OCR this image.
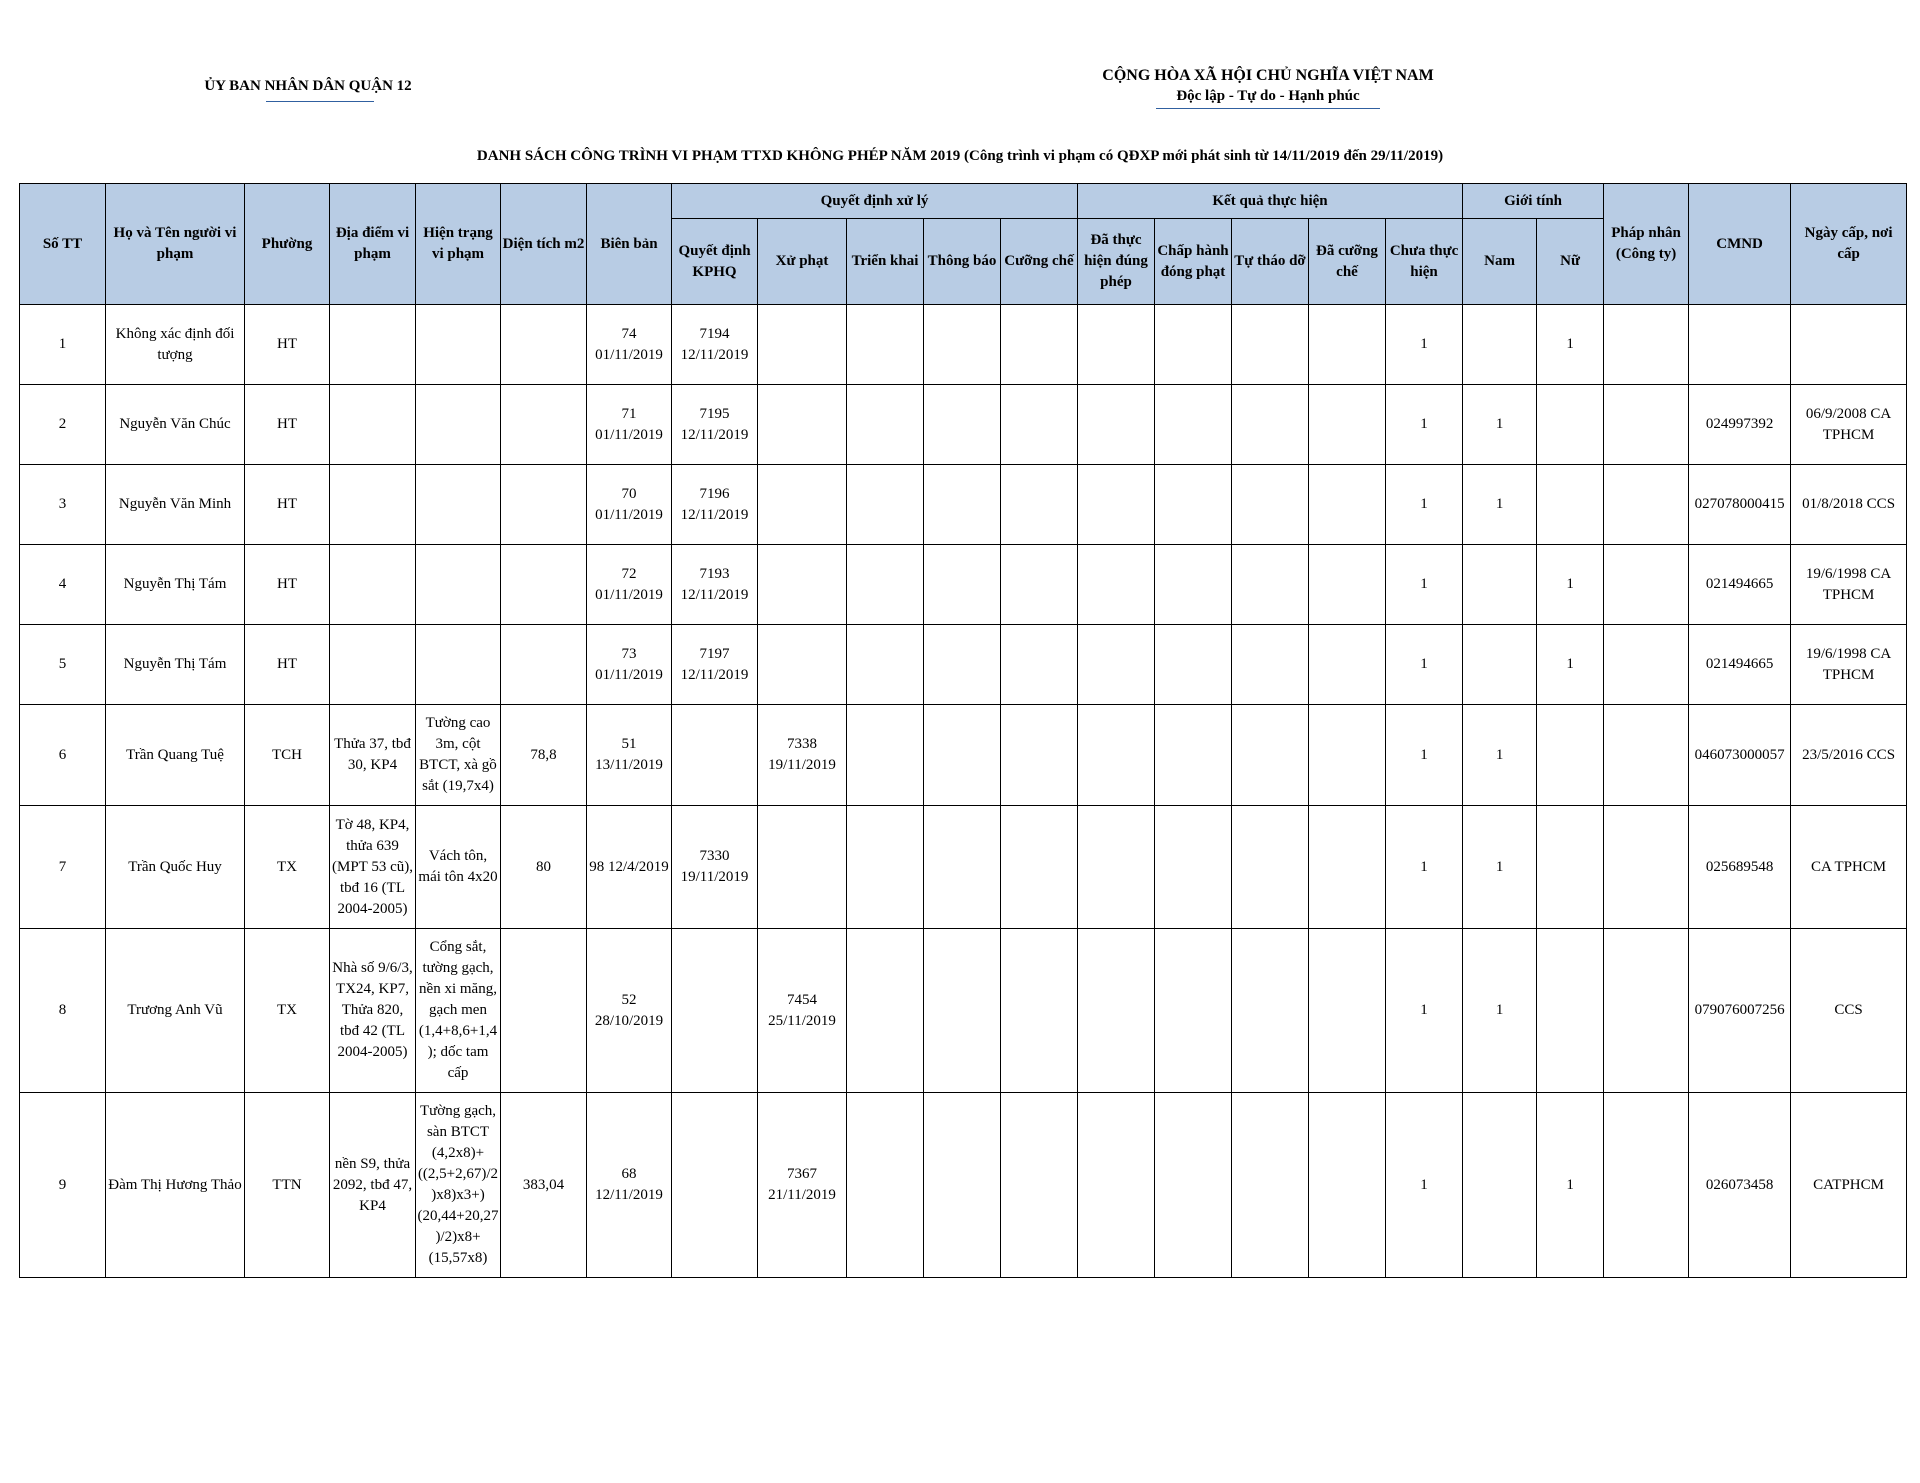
ỦY BAN NHÂN DÂN QUẬN 12
CỘNG HÒA XÃ HỘI CHỦ NGHĨA VIỆT NAM
Độc lập - Tự do - Hạnh phúc
DANH SÁCH CÔNG TRÌNH VI PHẠM TTXD KHÔNG PHÉP NĂM 2019 (Công trình vi phạm có QĐXP mới phát sinh từ 14/11/2019 đến 29/11/2019)
Số TT	Họ và Tên người vi phạm	Phường	Địa điểm vi phạm	Hiện trạng vi phạm	Diện tích m2	Biên bản	Quyết định xử lý					Kết quả thực hiện					Giới tính		Pháp nhân (Công ty)	CMND	Ngày cấp, nơi cấp
							Quyết định KPHQ	Xử phạt	Triển khai	Thông báo	Cưỡng chế	Đã thực hiện đúng phép	Chấp hành đóng phạt	Tự tháo dỡ	Đã cưỡng chế	Chưa thực hiện	Nam	Nữ			
1	Không xác định đối tượng	HT				74 01/11/2019	7194 12/11/2019									1		1			
2	Nguyễn Văn Chúc	HT				71 01/11/2019	7195 12/11/2019									1	1			024997392	06/9/2008 CA TPHCM
3	Nguyễn Văn Minh	HT				70 01/11/2019	7196 12/11/2019									1	1			027078000415	01/8/2018 CCS
4	Nguyễn Thị Tám	HT				72 01/11/2019	7193 12/11/2019									1		1		021494665	19/6/1998 CA TPHCM
5	Nguyễn Thị Tám	HT				73 01/11/2019	7197 12/11/2019									1		1		021494665	19/6/1998 CA TPHCM
6	Trần Quang Tuệ	TCH	Thửa 37, tbđ 30, KP4	Tường cao 3m, cột BTCT, xà gồ sắt (19,7x4)	78,8	51 13/11/2019		7338 19/11/2019								1	1			046073000057	23/5/2016 CCS
7	Trần Quốc Huy	TX	Tờ 48, KP4, thửa 639 (MPT 53 cũ), tbđ 16 (TL 2004-2005)	Vách tôn, mái tôn 4x20	80	98 12/4/2019	7330 19/11/2019									1	1			025689548	CA TPHCM
8	Trương Anh Vũ	TX	Nhà số 9/6/3, TX24, KP7, Thửa 820, tbđ 42 (TL 2004-2005)	Cổng sắt, tường gạch, nền xi măng, gạch men (1,4+8,6+1,4); dốc tam cấp		52 28/10/2019		7454 25/11/2019								1	1			079076007256	CCS
9	Đàm Thị Hương Thảo	TTN	nền S9, thửa 2092, tbđ 47, KP4	Tường gạch, sàn BTCT (4,2x8)+((2,5+2,67)/2)x8)x3+)(20,44+20,27)/2)x8+(15,57x8)	383,04	68 12/11/2019		7367 21/11/2019								1		1		026073458	CATPHCM
